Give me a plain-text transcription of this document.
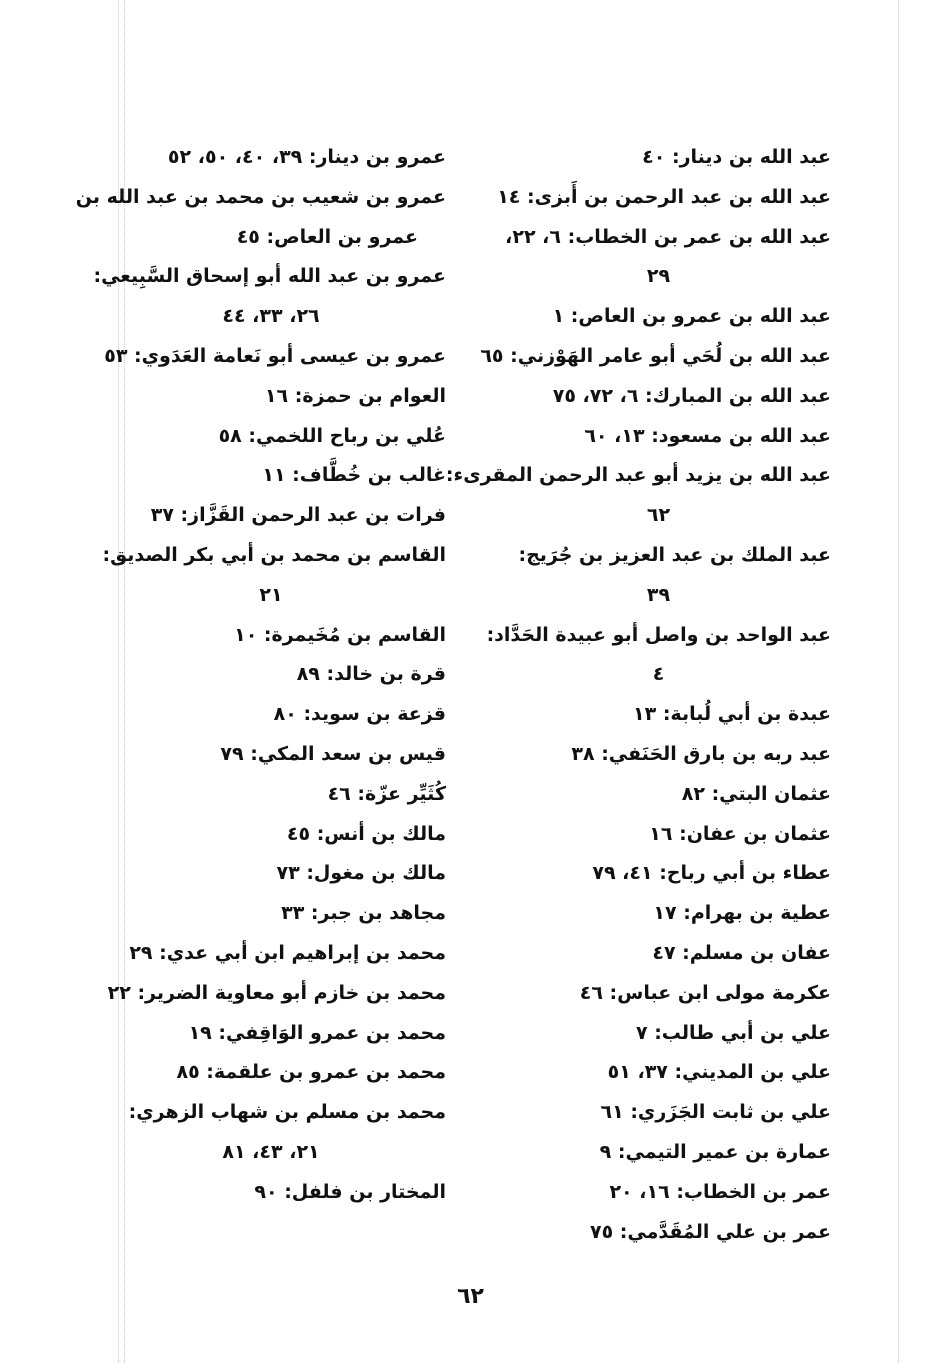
عبد الله بن دينار: ٤٠

عبد الله بن عبد الرحمن بن أَبزى: ١٤

عبد الله بن عمر بن الخطاب: ٦، ٢٢،

٢٩

عبد الله بن عمرو بن العاص: ١

عبد الله بن لُحَي أبو عامر الهَوْزني: ٦٥

عبد الله بن المبارك: ٦، ٧٢، ٧٥

عبد الله بن مسعود: ١٣، ٦٠

عبد الله بن يزيد أبو عبد الرحمن المقرىء:

٦٢

عبد الملك بن عبد العزيز بن جُرَيج:

٣٩

عبد الواحد بن واصل أبو عبيدة الحَدَّاد:

٤

عبدة بن أبي لُبابة: ١٣

عبد ربه بن بارق الحَنَفي: ٣٨

عثمان البتي: ٨٢

عثمان بن عفان: ١٦

عطاء بن أبي رباح: ٤١، ٧٩

عطية بن بهرام: ١٧

عفان بن مسلم: ٤٧

عكرمة مولى ابن عباس: ٤٦

علي بن أبي طالب: ٧

علي بن المديني: ٣٧، ٥١

علي بن ثابت الجَزَري: ٦١

عمارة بن عمير التيمي: ٩

عمر بن الخطاب: ١٦، ٢٠

عمر بن علي المُقَدَّمي: ٧٥

عمرو بن دينار: ٣٩، ٤٠، ٥٠، ٥٢

عمرو بن شعيب بن محمد بن عبد الله بن

عمرو بن العاص: ٤٥

عمرو بن عبد الله أبو إسحاق السَّبِيعي:

٢٦، ٣٣، ٤٤

عمرو بن عيسى أبو نَعامة العَدَوي: ٥٣

العوام بن حمزة: ١٦

عُلي بن رباح اللخمي: ٥٨

غالب بن خُطَّاف: ١١

فرات بن عبد الرحمن القَزَّاز: ٣٧

القاسم بن محمد بن أبي بكر الصديق:

٢١

القاسم بن مُخَيمرة: ١٠

قرة بن خالد: ٨٩

قزعة بن سويد: ٨٠

قيس بن سعد المكي: ٧٩

كُثَيِّر عزّة: ٤٦

مالك بن أنس: ٤٥

مالك بن مغول: ٧٣

مجاهد بن جبر: ٣٣

محمد بن إبراهيم ابن أبي عدي: ٢٩

محمد بن خازم أبو معاوية الضرير: ٢٢

محمد بن عمرو الوَاقِفي: ١٩

محمد بن عمرو بن علقمة: ٨٥

محمد بن مسلم بن شهاب الزهري:

٢١، ٤٣، ٨١

المختار بن فلفل: ٩٠

٦٢
